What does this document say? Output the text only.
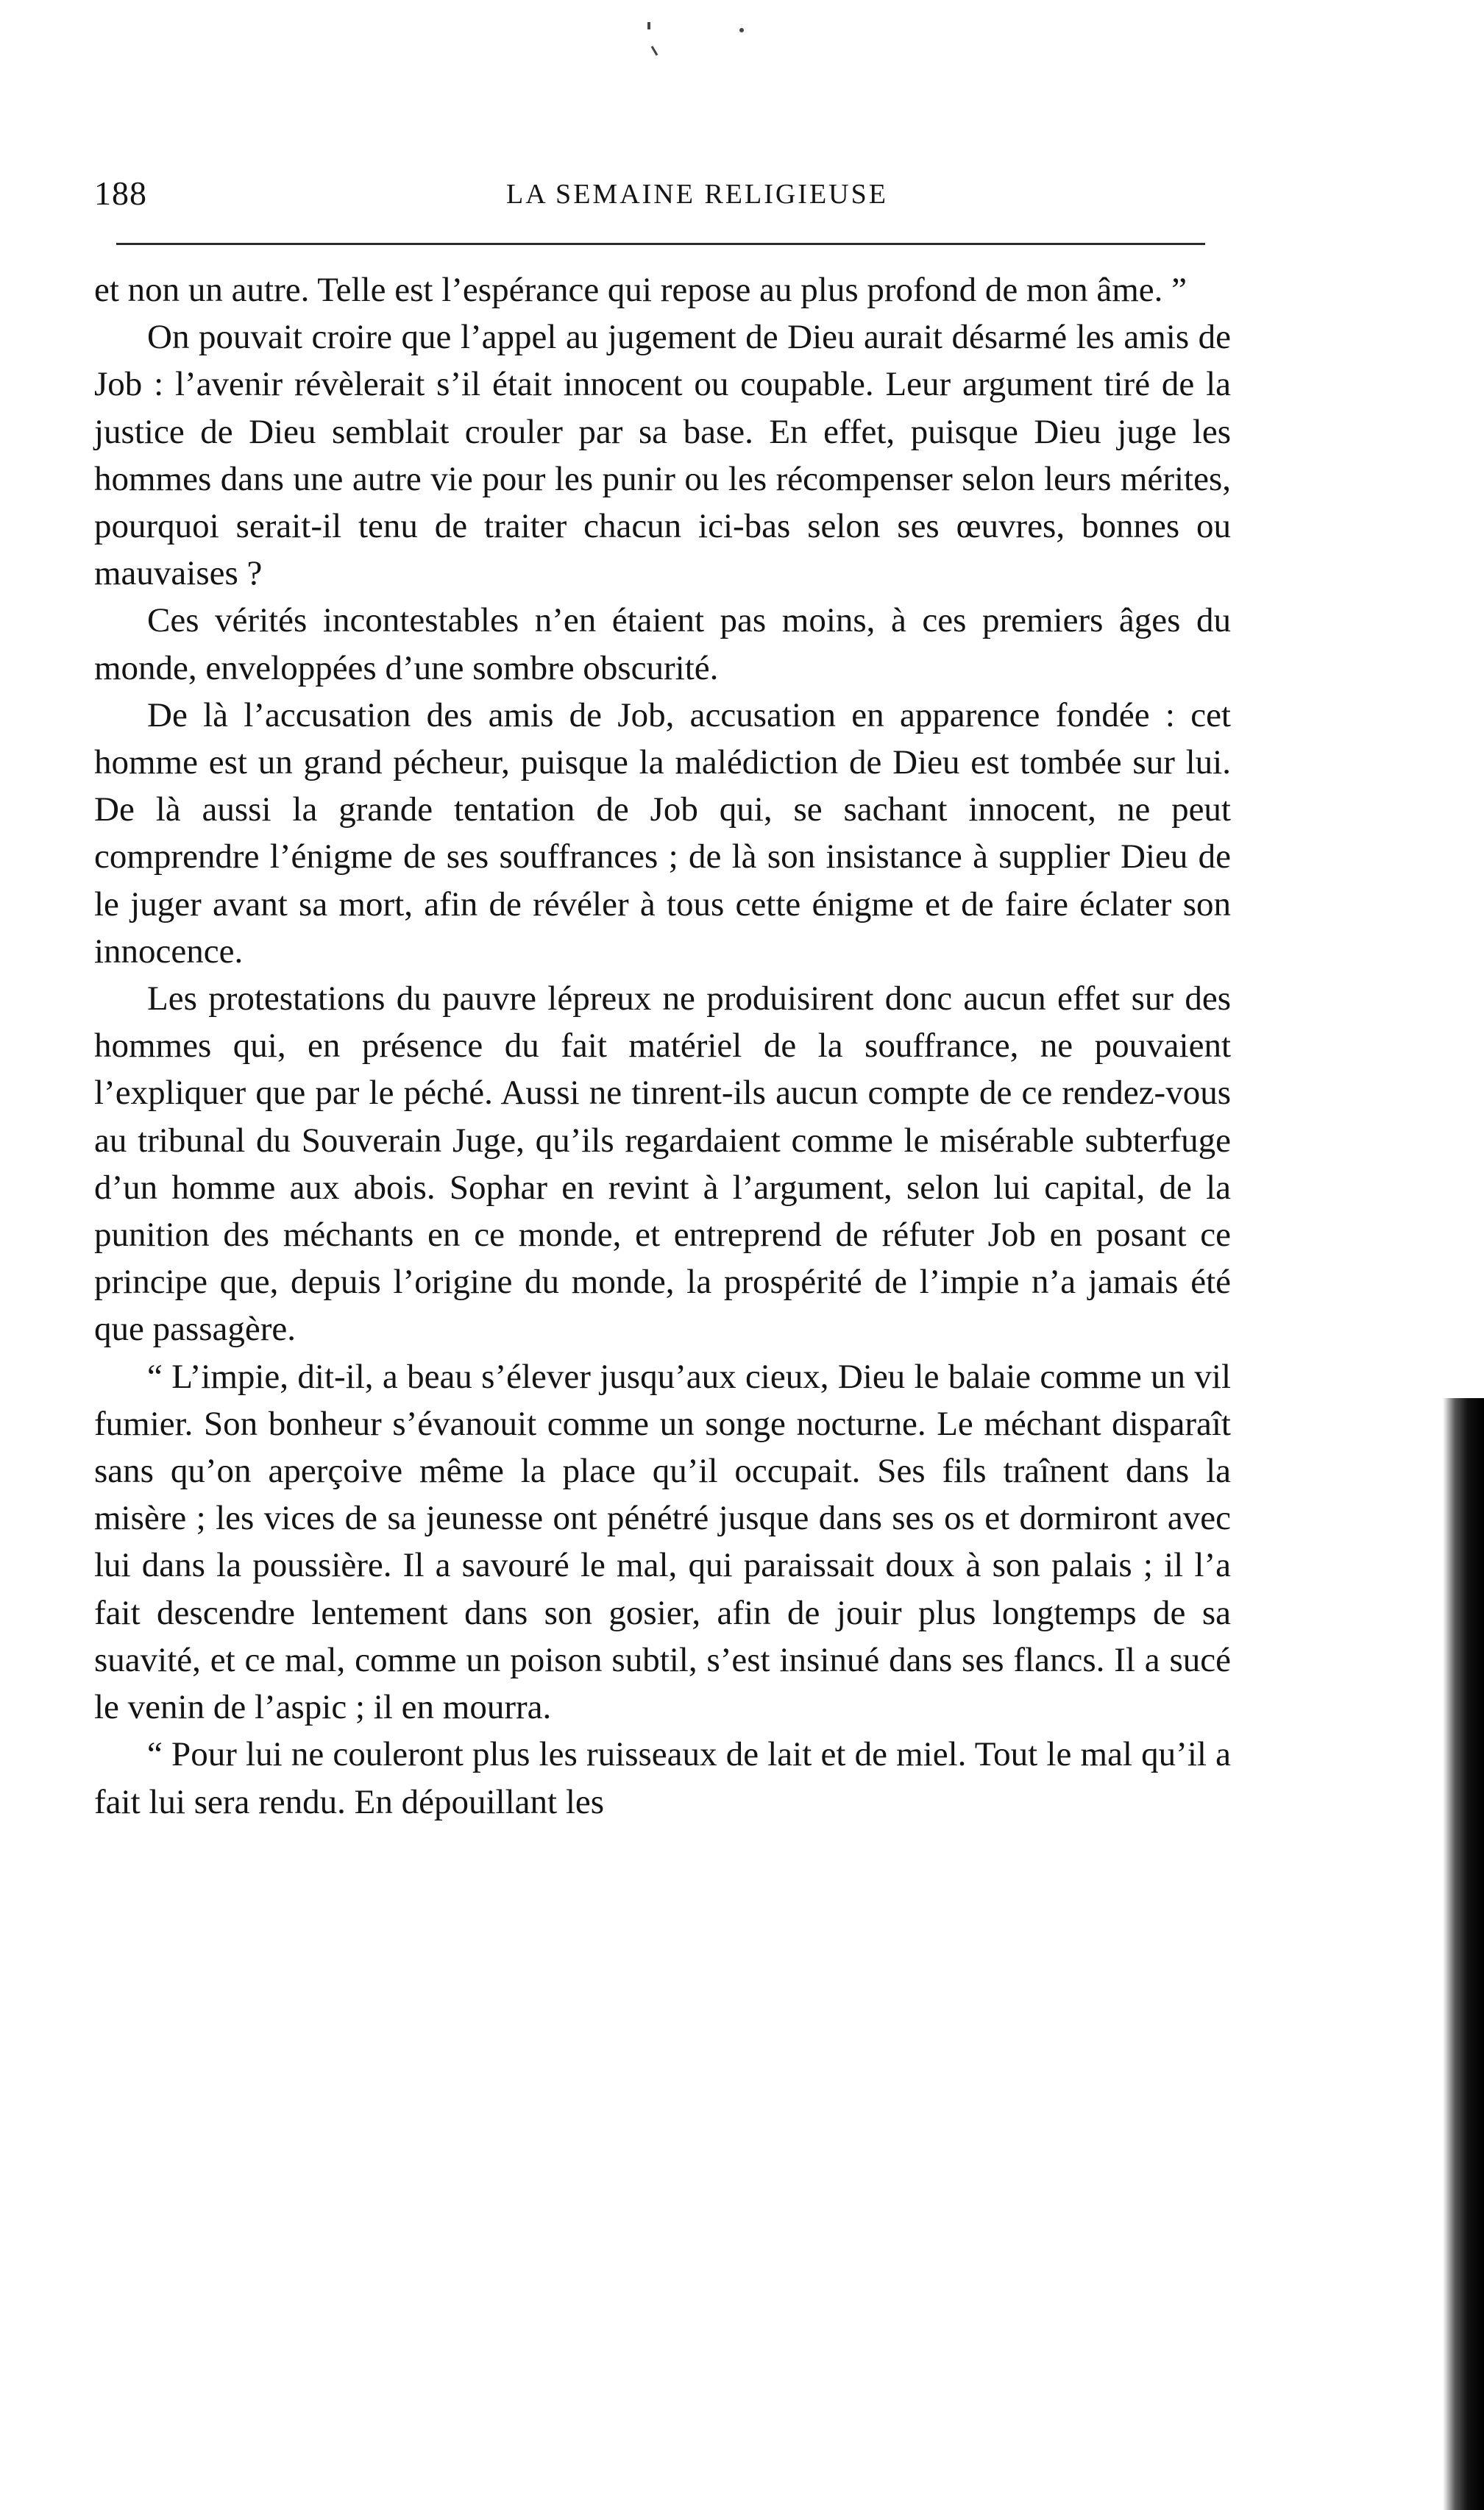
188	LA SEMAINE RELIGIEUSE

et non un autre. Telle est l’espérance qui repose au plus profond de mon âme. ”

On pouvait croire que l’appel au jugement de Dieu aurait désarmé les amis de Job : l’avenir révèlerait s’il était innocent ou coupable. Leur argument tiré de la justice de Dieu semblait crouler par sa base. En effet, puisque Dieu juge les hommes dans une autre vie pour les punir ou les récompenser selon leurs mérites, pourquoi serait-il tenu de traiter chacun ici-bas selon ses œuvres, bonnes ou mauvaises ?

Ces vérités incontestables n’en étaient pas moins, à ces premiers âges du monde, enveloppées d’une sombre obscurité.

De là l’accusation des amis de Job, accusation en apparence fondée : cet homme est un grand pécheur, puisque la malédiction de Dieu est tombée sur lui. De là aussi la grande tentation de Job qui, se sachant innocent, ne peut comprendre l’énigme de ses souffrances ; de là son insistance à supplier Dieu de le juger avant sa mort, afin de révéler à tous cette énigme et de faire éclater son innocence.

Les protestations du pauvre lépreux ne produisirent donc aucun effet sur des hommes qui, en présence du fait matériel de la souffrance, ne pouvaient l’expliquer que par le péché. Aussi ne tinrent-ils aucun compte de ce rendez-vous au tribunal du Souverain Juge, qu’ils regardaient comme le misérable subterfuge d’un homme aux abois. Sophar en revint à l’argument, selon lui capital, de la punition des méchants en ce monde, et entreprend de réfuter Job en posant ce principe que, depuis l’origine du monde, la prospérité de l’impie n’a jamais été que passagère.

“ L’impie, dit-il, a beau s’élever jusqu’aux cieux, Dieu le balaie comme un vil fumier. Son bonheur s’évanouit comme un songe nocturne. Le méchant disparaît sans qu’on aperçoive même la place qu’il occupait. Ses fils traînent dans la misère ; les vices de sa jeunesse ont pénétré jusque dans ses os et dormiront avec lui dans la poussière. Il a savouré le mal, qui paraissait doux à son palais ; il l’a fait descendre lentement dans son gosier, afin de jouir plus longtemps de sa suavité, et ce mal, comme un poison subtil, s’est insinué dans ses flancs. Il a sucé le venin de l’aspic ; il en mourra.

“ Pour lui ne couleront plus les ruisseaux de lait et de miel. Tout le mal qu’il a fait lui sera rendu. En dépouillant les
